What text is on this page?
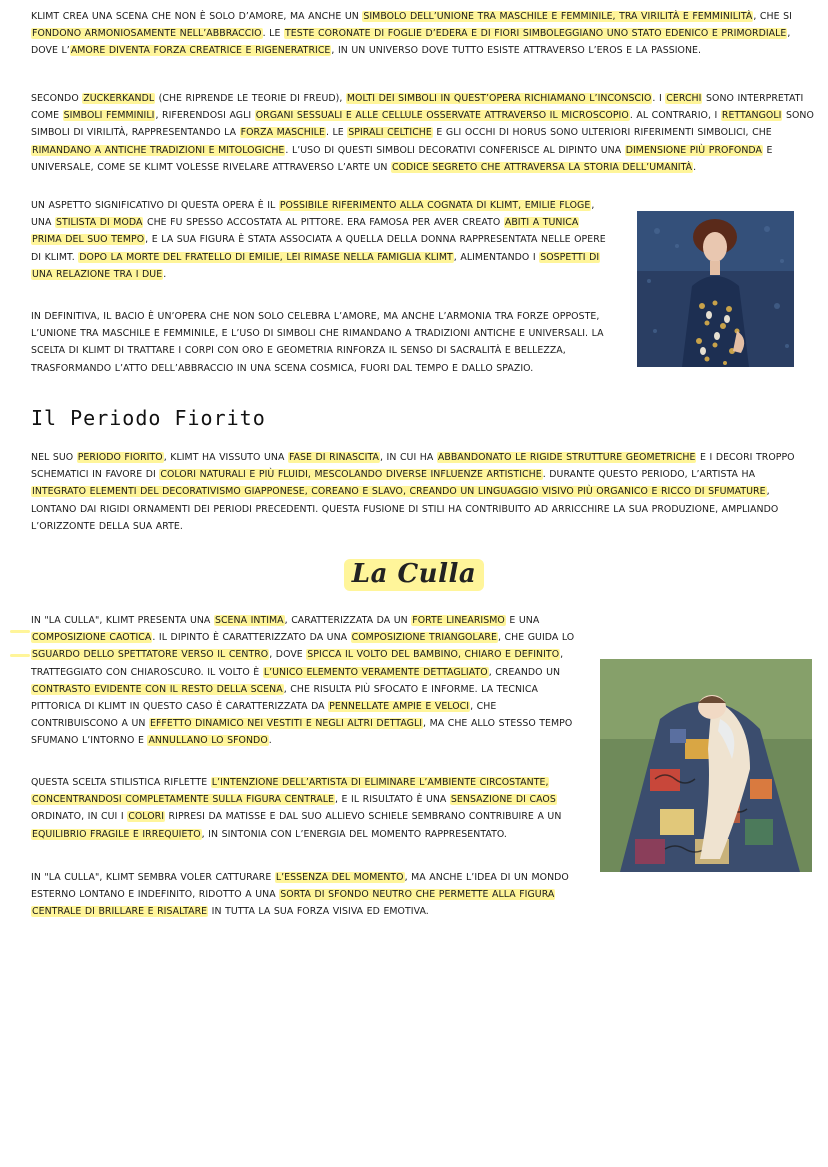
KLIMT CREA UNA SCENA CHE NON È SOLO D’AMORE, MA ANCHE UN SIMBOLO DELL’UNIONE TRA MASCHILE E FEMMINILE, TRA VIRILITÀ E FEMMINILITÀ, CHE SI FONDONO ARMONIOSAMENTE NELL’ABBRACCIO. LE TESTE CORONATE DI FOGLIE D’EDERA E DI FIORI SIMBOLEGGIANO UNO STATO EDENICO E PRIMORDIALE, DOVE L’AMORE DIVENTA FORZA CREATRICE E RIGENERATRICE, IN UN UNIVERSO DOVE TUTTO ESISTE ATTRAVERSO L’EROS E LA PASSIONE.

SECONDO ZUCKERKANDL (CHE RIPRENDE LE TEORIE DI FREUD), MOLTI DEI SIMBOLI IN QUEST’OPERA RICHIAMANO L’INCONSCIO. I CERCHI SONO INTERPRETATI COME SIMBOLI FEMMINILI, RIFERENDOSI AGLI ORGANI SESSUALI E ALLE CELLULE OSSERVATE ATTRAVERSO IL MICROSCOPIO. AL CONTRARIO, I RETTANGOLI SONO SIMBOLI DI VIRILITÀ, RAPPRESENTANDO LA FORZA MASCHILE. LE SPIRALI CELTICHE E GLI OCCHI DI HORUS SONO ULTERIORI RIFERIMENTI SIMBOLICI, CHE RIMANDANO A ANTICHE TRADIZIONI E MITOLOGICHE. L’USO DI QUESTI SIMBOLI DECORATIVI CONFERISCE AL DIPINTO UNA DIMENSIONE PIÙ PROFONDA E UNIVERSALE, COME SE KLIMT VOLESSE RIVELARE ATTRAVERSO L’ARTE UN CODICE SEGRETO CHE ATTRAVERSA LA STORIA DELL’UMANITÀ.

UN ASPETTO SIGNIFICATIVO DI QUESTA OPERA È IL POSSIBILE RIFERIMENTO ALLA COGNATA DI KLIMT, EMILIE FLOGE, UNA STILISTA DI MODA CHE FU SPESSO ACCOSTATA AL PITTORE. ERA FAMOSA PER AVER CREATO ABITI A TUNICA PRIMA DEL SUO TEMPO, E LA SUA FIGURA È STATA ASSOCIATA A QUELLA DELLA DONNA RAPPRESENTATA NELLE OPERE DI KLIMT. DOPO LA MORTE DEL FRATELLO DI EMILIE, LEI RIMASE NELLA FAMIGLIA KLIMT, ALIMENTANDO I SOSPETTI DI UNA RELAZIONE TRA I DUE.

IN DEFINITIVA, IL BACIO È UN’OPERA CHE NON SOLO CELEBRA L’AMORE, MA ANCHE L’ARMONIA TRA FORZE OPPOSTE, L’UNIONE TRA MASCHILE E FEMMINILE, E L’USO DI SIMBOLI CHE RIMANDANO A TRADIZIONI ANTICHE E UNIVERSALI. LA SCELTA DI KLIMT DI TRATTARE I CORPI CON ORO E GEOMETRIA RINFORZA IL SENSO DI SACRALITÀ E BELLEZZA, TRASFORMANDO L’ATTO DELL’ABBRACCIO IN UNA SCENA COSMICA, FUORI DAL TEMPO E DALLO SPAZIO.

Il Periodo Fiorito

NEL SUO PERIODO FIORITO, KLIMT HA VISSUTO UNA FASE DI RINASCITA, IN CUI HA ABBANDONATO LE RIGIDE STRUTTURE GEOMETRICHE E I DECORI TROPPO SCHEMATICI IN FAVORE DI COLORI NATURALI E PIÙ FLUIDI, MESCOLANDO DIVERSE INFLUENZE ARTISTICHE. DURANTE QUESTO PERIODO, L’ARTISTA HA INTEGRATO ELEMENTI DEL DECORATIVISMO GIAPPONESE, COREANO E SLAVO, CREANDO UN LINGUAGGIO VISIVO PIÙ ORGANICO E RICCO DI SFUMATURE, LONTANO DAI RIGIDI ORNAMENTI DEI PERIODI PRECEDENTI. QUESTA FUSIONE DI STILI HA CONTRIBUITO AD ARRICCHIRE LA SUA PRODUZIONE, AMPLIANDO L’ORIZZONTE DELLA SUA ARTE.

La Culla

IN "LA CULLA", KLIMT PRESENTA UNA SCENA INTIMA, CARATTERIZZATA DA UN FORTE LINEARISMO E UNA COMPOSIZIONE CAOTICA. IL DIPINTO È CARATTERIZZATO DA UNA COMPOSIZIONE TRIANGOLARE, CHE GUIDA LO SGUARDO DELLO SPETTATORE VERSO IL CENTRO, DOVE SPICCA IL VOLTO DEL BAMBINO, CHIARO E DEFINITO, TRATTEGGIATO CON CHIAROSCURO. IL VOLTO È L’UNICO ELEMENTO VERAMENTE DETTAGLIATO, CREANDO UN CONTRASTO EVIDENTE CON IL RESTO DELLA SCENA, CHE RISULTA PIÙ SFOCATO E INFORME. LA TECNICA PITTORICA DI KLIMT IN QUESTO CASO È CARATTERIZZATA DA PENNELLATE AMPIE E VELOCI, CHE CONTRIBUISCONO A UN EFFETTO DINAMICO NEI VESTITI E NEGLI ALTRI DETTAGLI, MA CHE ALLO STESSO TEMPO SFUMANO L’INTORNO E ANNULLANO LO SFONDO.

QUESTA SCELTA STILISTICA RIFLETTE L’INTENZIONE DELL’ARTISTA DI ELIMINARE L’AMBIENTE CIRCOSTANTE, CONCENTRANDOSI COMPLETAMENTE SULLA FIGURA CENTRALE, E IL RISULTATO È UNA SENSAZIONE DI CAOS ORDINATO, IN CUI I COLORI RIPRESI DA MATISSE E DAL SUO ALLIEVO SCHIELE SEMBRANO CONTRIBUIRE A UN EQUILIBRIO FRAGILE E IRREQUIETO, IN SINTONIA CON L’ENERGIA DEL MOMENTO RAPPRESENTATO.

IN "LA CULLA", KLIMT SEMBRA VOLER CATTURARE L’ESSENZA DEL MOMENTO, MA ANCHE L’IDEA DI UN MONDO ESTERNO LONTANO E INDEFINITO, RIDOTTO A UNA SORTA DI SFONDO NEUTRO CHE PERMETTE ALLA FIGURA CENTRALE DI BRILLARE E RISALTARE IN TUTTA LA SUA FORZA VISIVA ED EMOTIVA.
